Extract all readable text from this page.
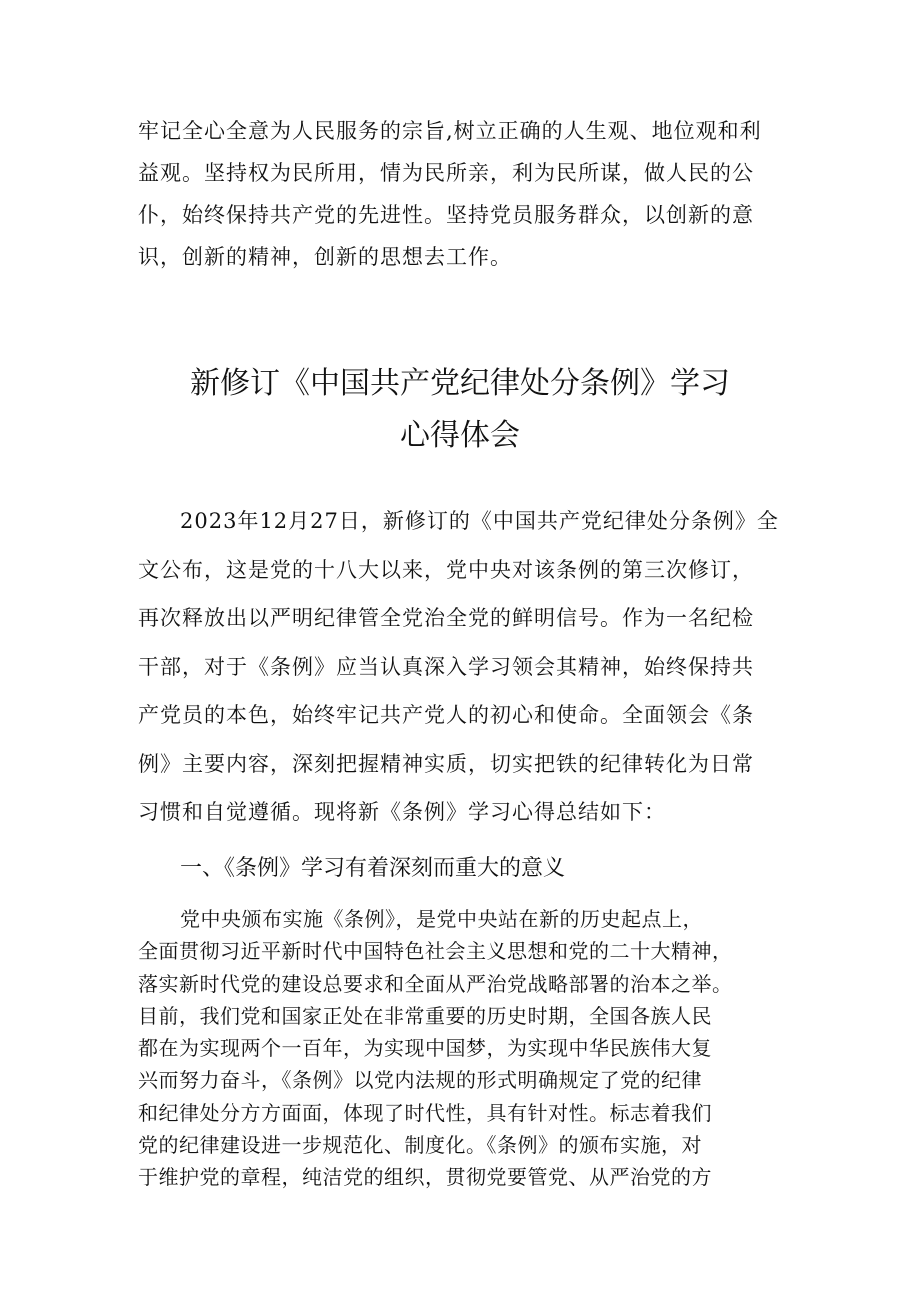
牢记全心全意为人民服务的宗旨,树立正确的人生观、地位观和利
益观。坚持权为民所用，情为民所亲，利为民所谋，做人民的公
仆，始终保持共产党的先进性。坚持党员服务群众，以创新的意
识，创新的精神，创新的思想去工作。
新修订《中国共产党纪律处分条例》学习
心得体会
2023年12月27日，新修订的《中国共产党纪律处分条例》全
文公布，这是党的十八大以来，党中央对该条例的第三次修订，
再次释放出以严明纪律管全党治全党的鲜明信号。作为一名纪检
干部，对于《条例》应当认真深入学习领会其精神，始终保持共
产党员的本色，始终牢记共产党人的初心和使命。全面领会《条
例》主要内容，深刻把握精神实质，切实把铁的纪律转化为日常
习惯和自觉遵循。现将新《条例》学习心得总结如下：
一、《条例》学习有着深刻而重大的意义
党中央颁布实施《条例》，是党中央站在新的历史起点上，
全面贯彻习近平新时代中国特色社会主义思想和党的二十大精神，
落实新时代党的建设总要求和全面从严治党战略部署的治本之举。
目前，我们党和国家正处在非常重要的历史时期，全国各族人民
都在为实现两个一百年，为实现中国梦，为实现中华民族伟大复
兴而努力奋斗，《条例》以党内法规的形式明确规定了党的纪律
和纪律处分方方面面，体现了时代性，具有针对性。标志着我们
党的纪律建设进一步规范化、制度化。《条例》的颁布实施，对
于维护党的章程，纯洁党的组织，贯彻党要管党、从严治党的方
